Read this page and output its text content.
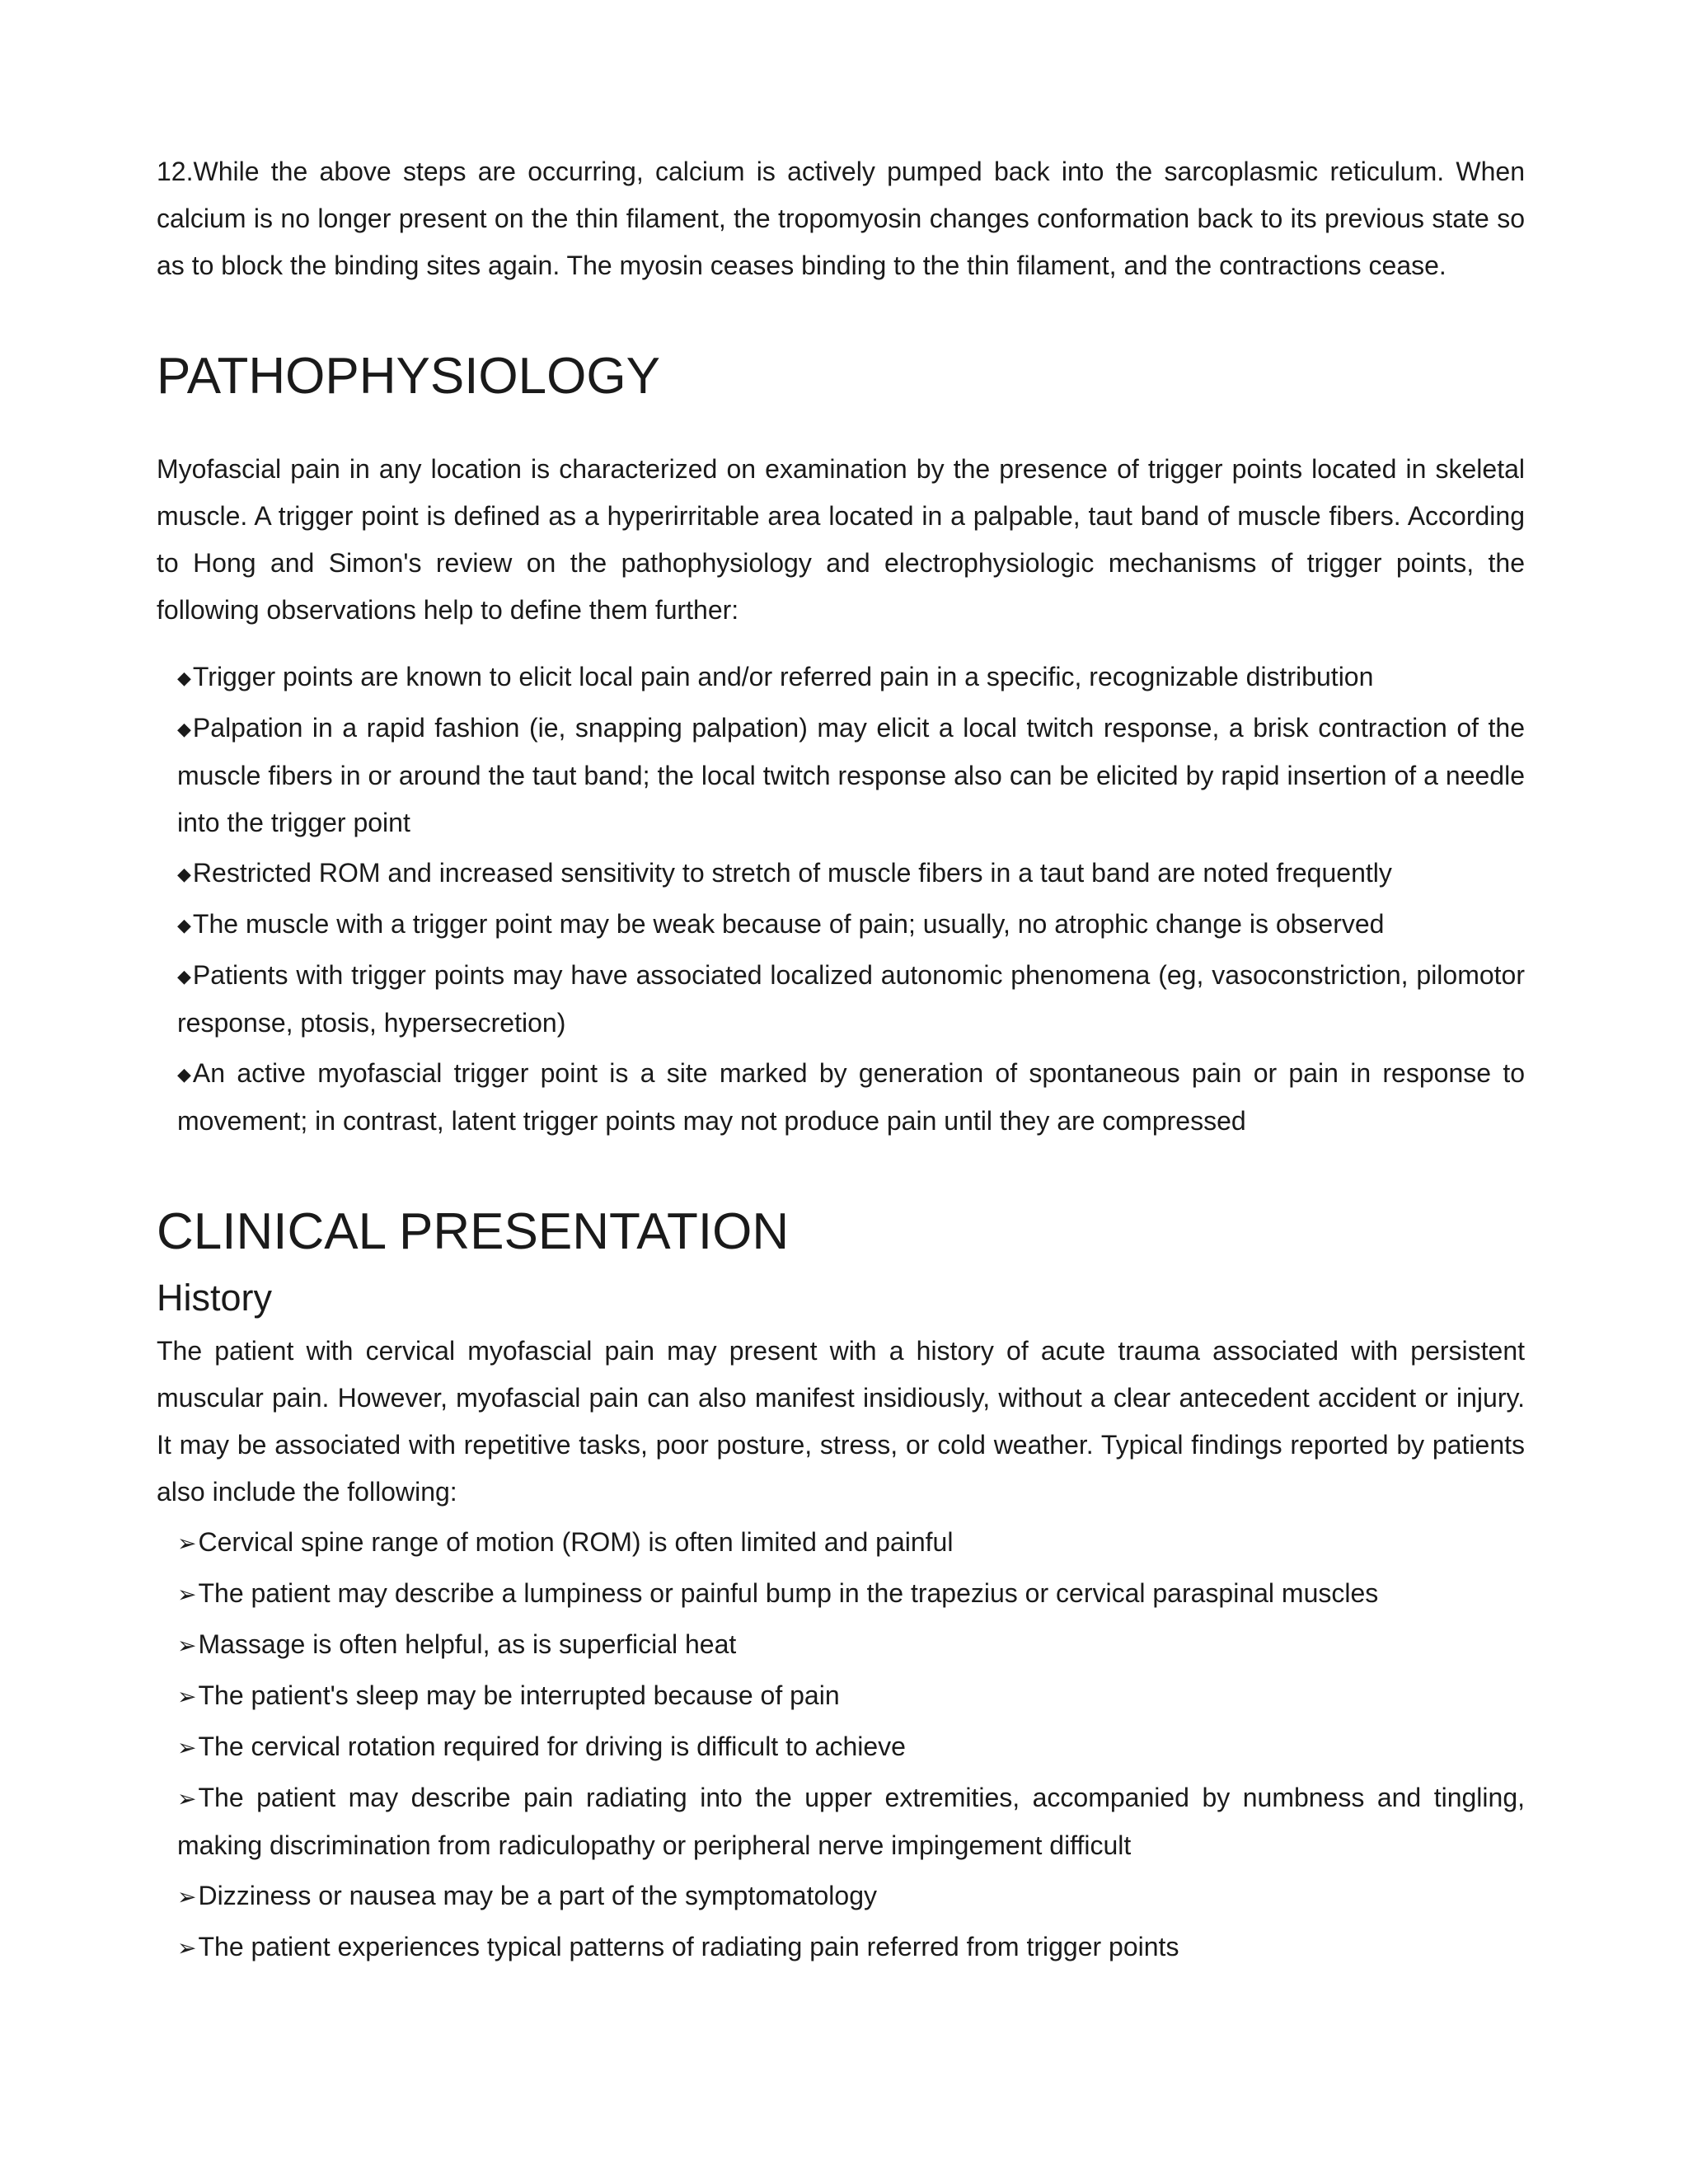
12.While the above steps are occurring, calcium is actively pumped back into the sarcoplasmic reticulum. When calcium is no longer present on the thin filament, the tropomyosin changes conformation back to its previous state so as to block the binding sites again. The myosin ceases binding to the thin filament, and the contractions cease.

PATHOPHYSIOLOGY

Myofascial pain in any location is characterized on examination by the presence of trigger points located in skeletal muscle. A trigger point is defined as a hyperirritable area located in a palpable, taut band of muscle fibers. According to Hong and Simon's review on the pathophysiology and electrophysiologic mechanisms of trigger points, the following observations help to define them further:

◆Trigger points are known to elicit local pain and/or referred pain in a specific, recognizable distribution
◆Palpation in a rapid fashion (ie, snapping palpation) may elicit a local twitch response, a brisk contraction of the muscle fibers in or around the taut band; the local twitch response also can be elicited by rapid insertion of a needle into the trigger point
◆Restricted ROM and increased sensitivity to stretch of muscle fibers in a taut band are noted frequently
◆The muscle with a trigger point may be weak because of pain; usually, no atrophic change is observed
◆Patients with trigger points may have associated localized autonomic phenomena (eg, vasoconstriction, pilomotor response, ptosis, hypersecretion)
◆An active myofascial trigger point is a site marked by generation of spontaneous pain or pain in response to movement; in contrast, latent trigger points may not produce pain until they are compressed
CLINICAL PRESENTATION
History

The patient with cervical myofascial pain may present with a history of acute trauma associated with persistent muscular pain. However, myofascial pain can also manifest insidiously, without a clear antecedent accident or injury. It may be associated with repetitive tasks, poor posture, stress, or cold weather. Typical findings reported by patients also include the following:

➢Cervical spine range of motion (ROM) is often limited and painful
➢The patient may describe a lumpiness or painful bump in the trapezius or cervical paraspinal muscles
➢Massage is often helpful, as is superficial heat
➢The patient's sleep may be interrupted because of pain
➢The cervical rotation required for driving is difficult to achieve
➢The patient may describe pain radiating into the upper extremities, accompanied by numbness and tingling, making discrimination from radiculopathy or peripheral nerve impingement difficult
➢Dizziness or nausea may be a part of the symptomatology
➢The patient experiences typical patterns of radiating pain referred from trigger points
